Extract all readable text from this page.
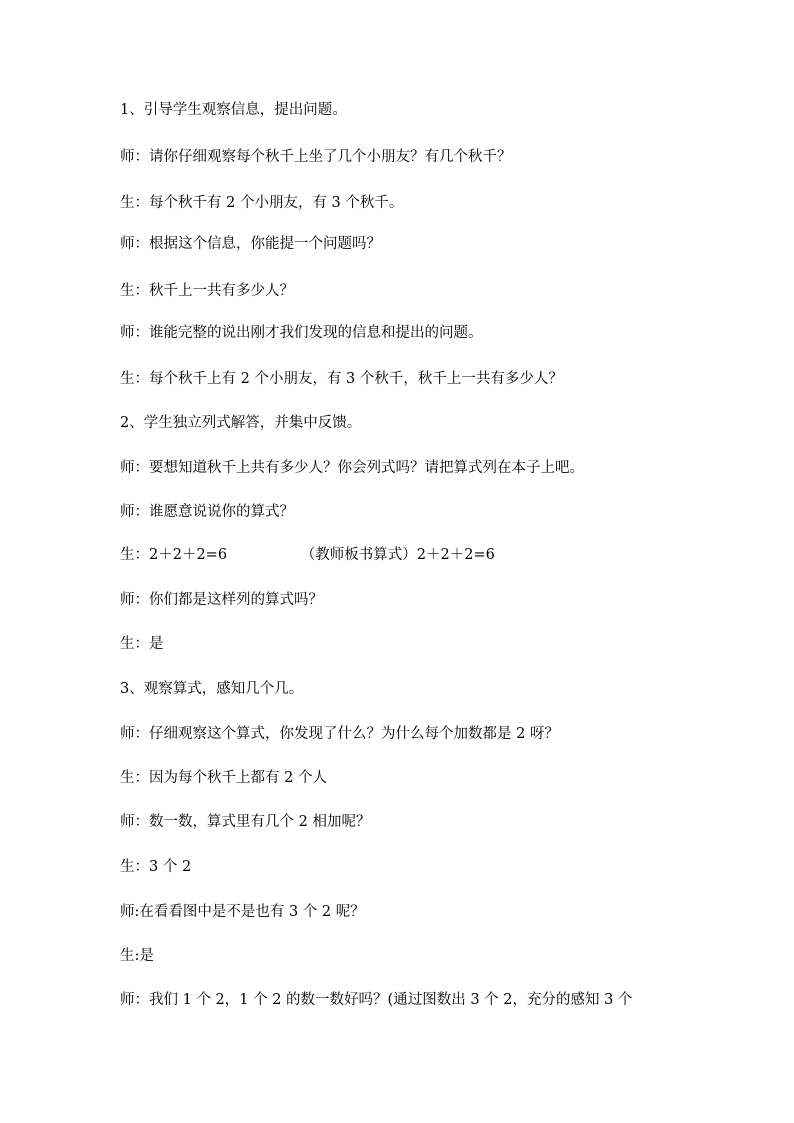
1、引导学生观察信息，提出问题。
师：请你仔细观察每个秋千上坐了几个小朋友？有几个秋千？
生：每个秋千有 2 个小朋友，有 3 个秋千。
师：根据这个信息，你能提一个问题吗？
生：秋千上一共有多少人？
师：谁能完整的说出刚才我们发现的信息和提出的问题。
生：每个秋千上有 2 个小朋友，有 3 个秋千，秋千上一共有多少人？
2、学生独立列式解答，并集中反馈。
师：要想知道秋千上共有多少人？你会列式吗？请把算式列在本子上吧。
师：谁愿意说说你的算式？
生：2＋2＋2=6                （教师板书算式）2＋2＋2=6
师：你们都是这样列的算式吗？
生：是
3、观察算式，感知几个几。
师：仔细观察这个算式，你发现了什么？为什么每个加数都是 2 呀？
生：因为每个秋千上都有 2 个人
师：数一数，算式里有几个 2 相加呢？
生：3 个 2
师:在看看图中是不是也有 3 个 2 呢？
生:是
师：我们 1 个 2，1 个 2 的数一数好吗？(通过图数出 3 个 2，充分的感知 3 个
